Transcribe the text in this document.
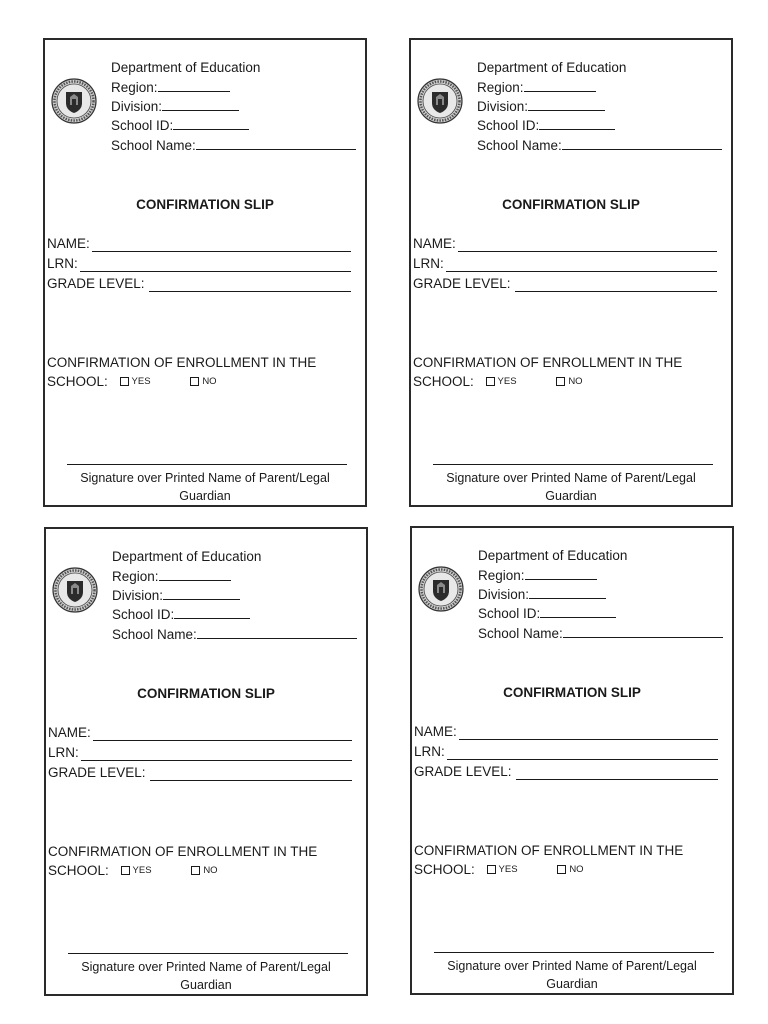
Department of Education
Region:
Division:
School ID:
School Name:
CONFIRMATION SLIP
NAME:
LRN:
GRADE LEVEL:
CONFIRMATION OF ENROLLMENT IN THE
SCHOOL:	YES
	NO
Signature over Printed Name of Parent/Legal
Guardian
Department of Education
Region:
Division:
School ID:
School Name:
CONFIRMATION SLIP
NAME:
LRN:
GRADE LEVEL:
CONFIRMATION OF ENROLLMENT IN THE
SCHOOL:	YES
	NO
Signature over Printed Name of Parent/Legal
Guardian
Department of Education
Region:
Division:
School ID:
School Name:
CONFIRMATION SLIP
NAME:
LRN:
GRADE LEVEL:
CONFIRMATION OF ENROLLMENT IN THE
SCHOOL:	YES
	NO
Signature over Printed Name of Parent/Legal
Guardian
Department of Education
Region:
Division:
School ID:
School Name:
CONFIRMATION SLIP
NAME:
LRN:
GRADE LEVEL:
CONFIRMATION OF ENROLLMENT IN THE
SCHOOL:	YES
	NO
Signature over Printed Name of Parent/Legal
Guardian
